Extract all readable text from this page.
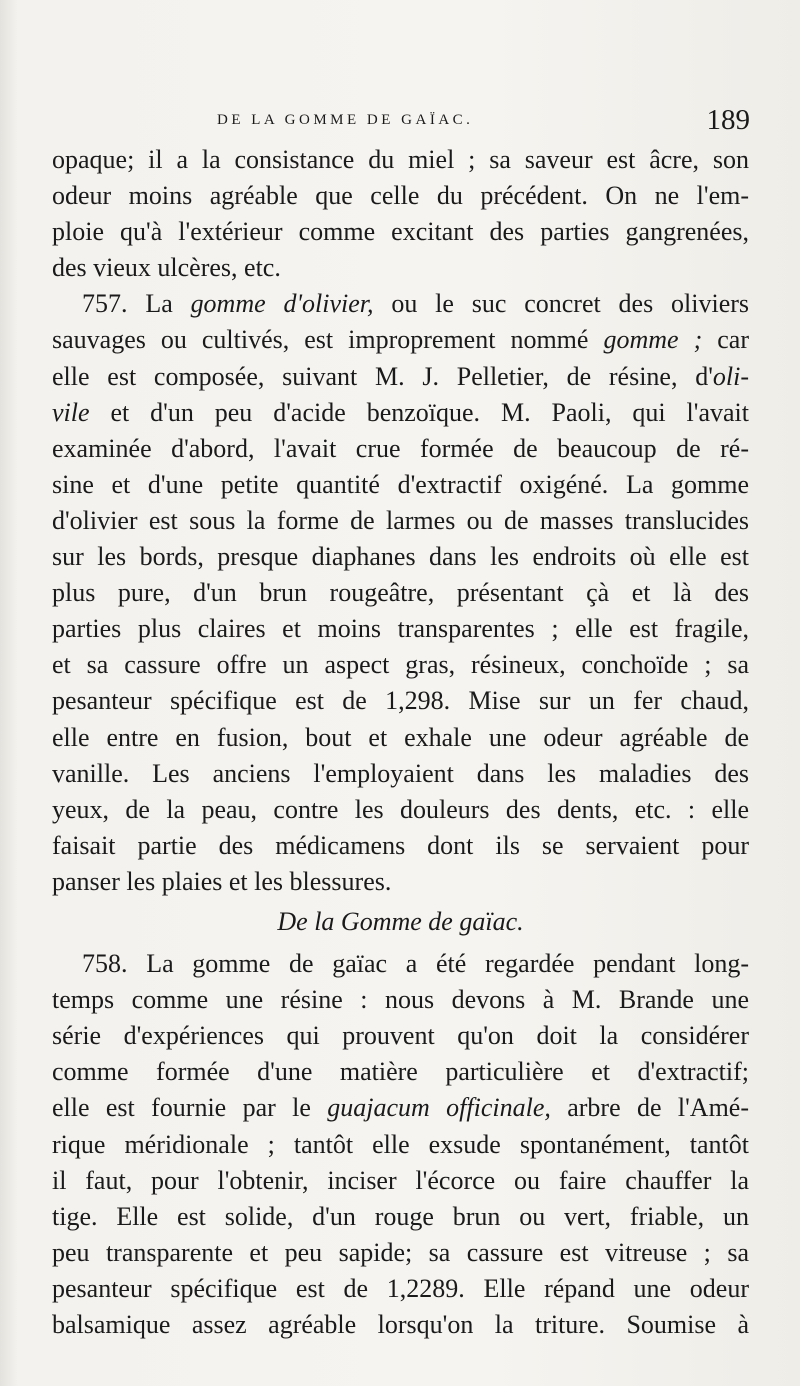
DE LA GOMME DE GAÏAC.	189
opaque; il a la consistance du miel ; sa saveur est âcre, son
odeur moins agréable que celle du précédent. On ne l'em-
ploie qu'à l'extérieur comme excitant des parties gangrenées,
des vieux ulcères, etc.
757. La gomme d'olivier, ou le suc concret des oliviers
sauvages ou cultivés, est improprement nommé gomme ; car
elle est composée, suivant M. J. Pelletier, de résine, d'oli-
vile et d'un peu d'acide benzoïque. M. Paoli, qui l'avait
examinée d'abord, l'avait crue formée de beaucoup de ré-
sine et d'une petite quantité d'extractif oxigéné. La gomme
d'olivier est sous la forme de larmes ou de masses translucides
sur les bords, presque diaphanes dans les endroits où elle est
plus pure, d'un brun rougeâtre, présentant çà et là des
parties plus claires et moins transparentes ; elle est fragile,
et sa cassure offre un aspect gras, résineux, conchoïde ; sa
pesanteur spécifique est de 1,298. Mise sur un fer chaud,
elle entre en fusion, bout et exhale une odeur agréable de
vanille. Les anciens l'employaient dans les maladies des
yeux, de la peau, contre les douleurs des dents, etc. : elle
faisait partie des médicamens dont ils se servaient pour
panser les plaies et les blessures.
De la Gomme de gaïac.
758. La gomme de gaïac a été regardée pendant long-
temps comme une résine : nous devons à M. Brande une
série d'expériences qui prouvent qu'on doit la considérer
comme formée d'une matière particulière et d'extractif;
elle est fournie par le guajacum officinale, arbre de l'Amé-
rique méridionale ; tantôt elle exsude spontanément, tantôt
il faut, pour l'obtenir, inciser l'écorce ou faire chauffer la
tige. Elle est solide, d'un rouge brun ou vert, friable, un
peu transparente et peu sapide; sa cassure est vitreuse ; sa
pesanteur spécifique est de 1,2289. Elle répand une odeur
balsamique assez agréable lorsqu'on la triture. Soumise à
